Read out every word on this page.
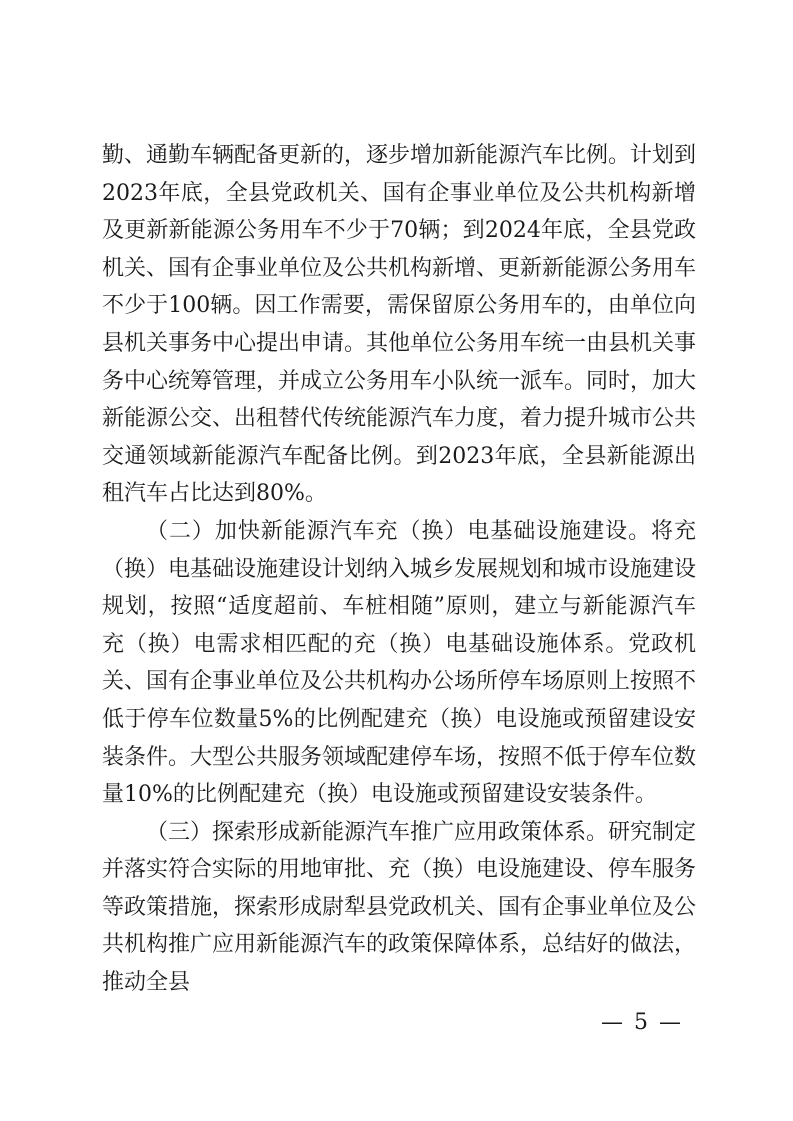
勤、通勤车辆配备更新的，逐步增加新能源汽车比例。计划到2023年底，全县党政机关、国有企事业单位及公共机构新增及更新新能源公务用车不少于70辆；到2024年底，全县党政机关、国有企事业单位及公共机构新增、更新新能源公务用车不少于100辆。因工作需要，需保留原公务用车的，由单位向县机关事务中心提出申请。其他单位公务用车统一由县机关事务中心统筹管理，并成立公务用车小队统一派车。同时，加大新能源公交、出租替代传统能源汽车力度，着力提升城市公共交通领域新能源汽车配备比例。到2023年底，全县新能源出租汽车占比达到80%。

（二）加快新能源汽车充（换）电基础设施建设。将充（换）电基础设施建设计划纳入城乡发展规划和城市设施建设规划，按照“适度超前、车桩相随”原则，建立与新能源汽车充（换）电需求相匹配的充（换）电基础设施体系。党政机关、国有企事业单位及公共机构办公场所停车场原则上按照不低于停车位数量5%的比例配建充（换）电设施或预留建设安装条件。大型公共服务领域配建停车场，按照不低于停车位数量10%的比例配建充（换）电设施或预留建设安装条件。

（三）探索形成新能源汽车推广应用政策体系。研究制定并落实符合实际的用地审批、充（换）电设施建设、停车服务等政策措施，探索形成尉犁县党政机关、国有企事业单位及公共机构推广应用新能源汽车的政策保障体系，总结好的做法，推动全县

— 5 —
